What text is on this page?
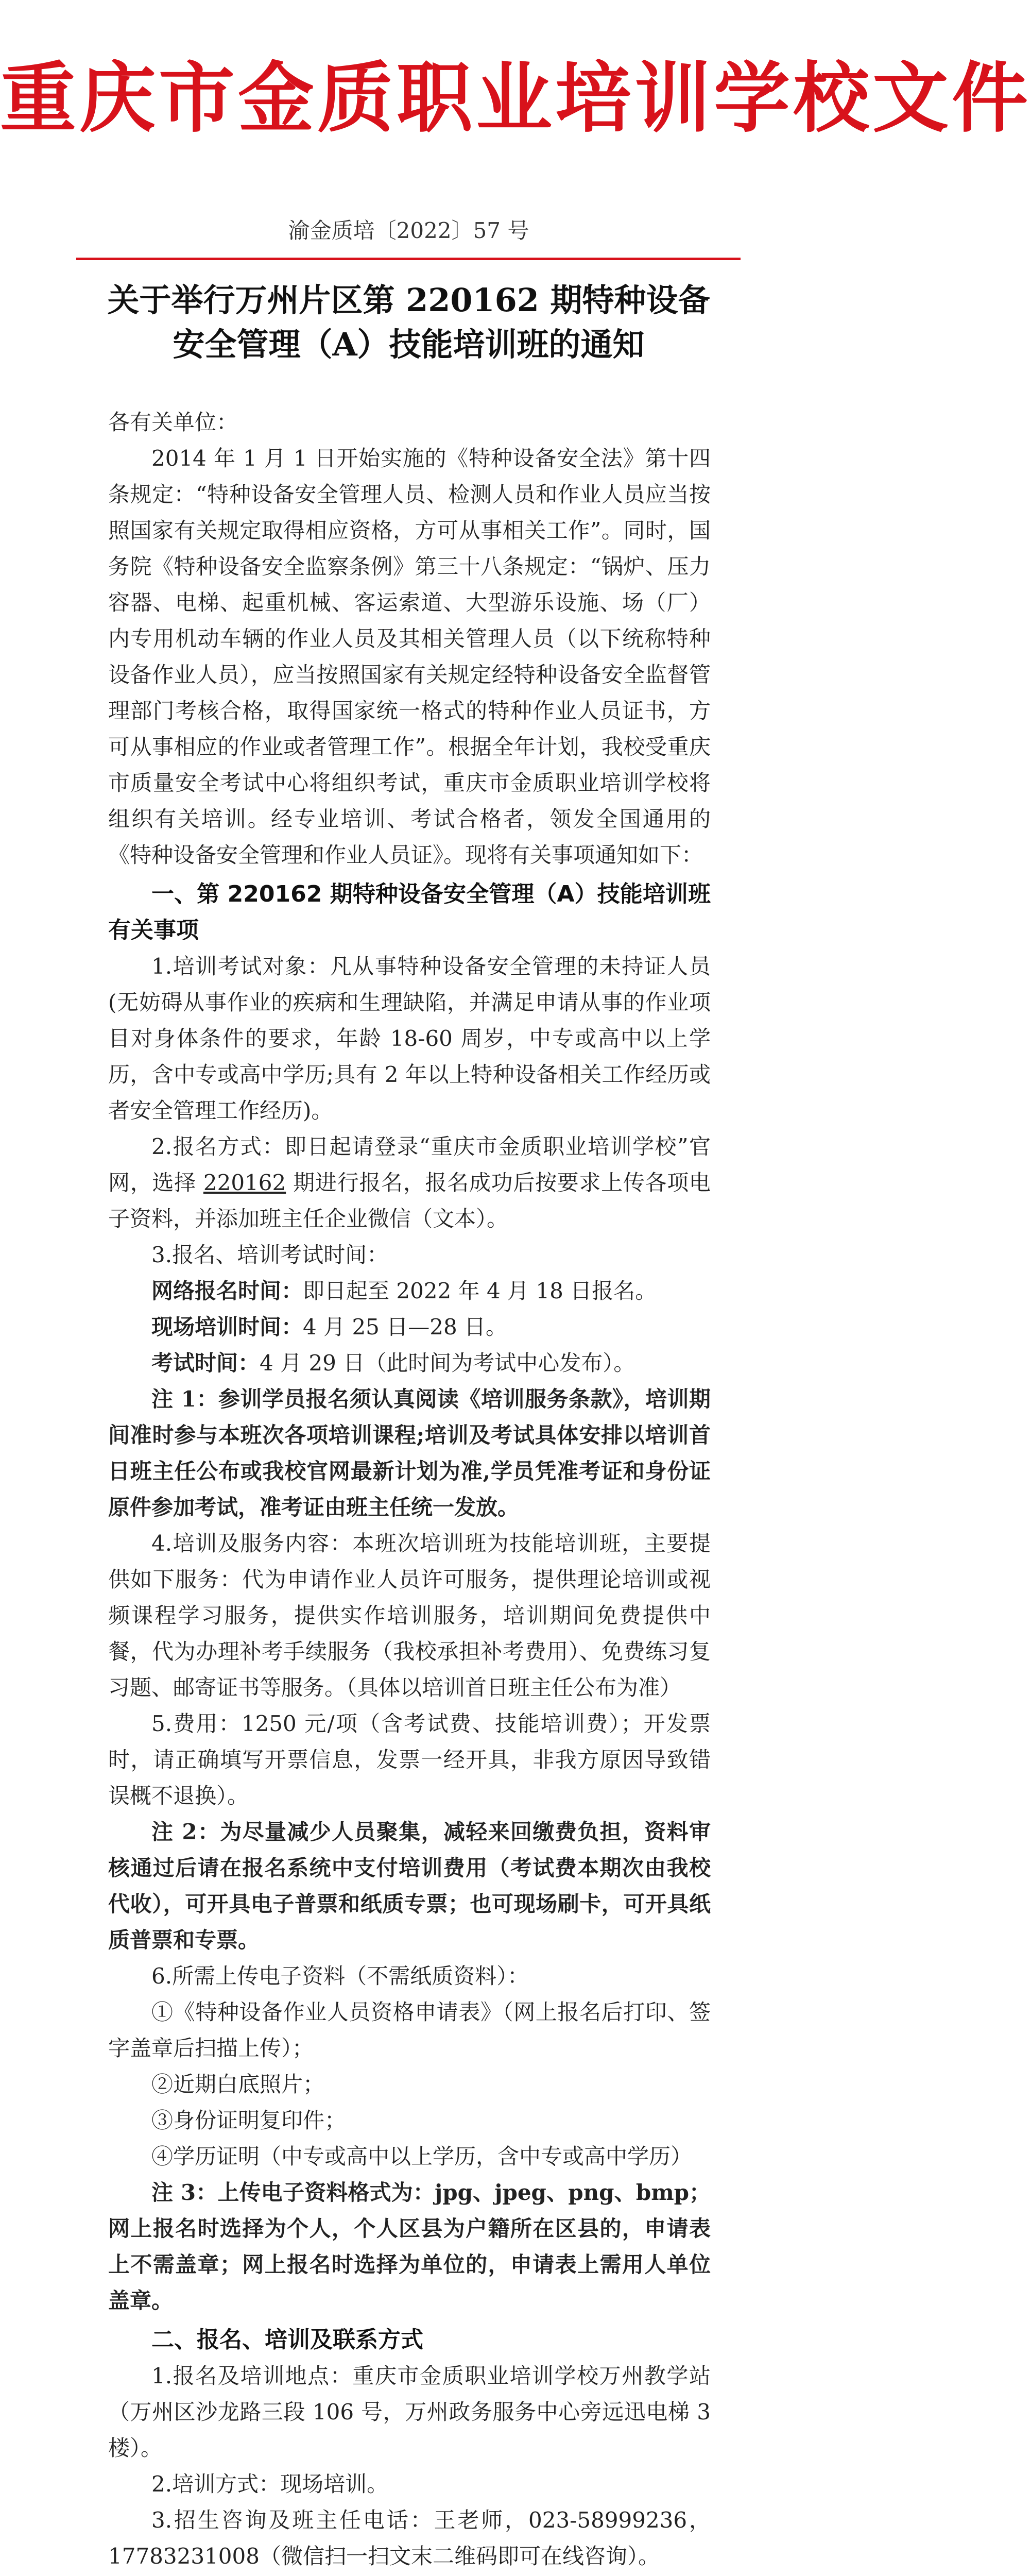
重庆市金质职业培训学校文件
渝金质培〔2022〕57 号
关于举行万州片区第 220162 期特种设备
安全管理（A）技能培训班的通知

各有关单位：

2014 年 1 月 1 日开始实施的《特种设备安全法》第十四条规定：“特种设备安全管理人员、检测人员和作业人员应当按照国家有关规定取得相应资格，方可从事相关工作”。同时，国务院《特种设备安全监察条例》第三十八条规定：“锅炉、压力容器、电梯、起重机械、客运索道、大型游乐设施、场（厂）内专用机动车辆的作业人员及其相关管理人员（以下统称特种设备作业人员），应当按照国家有关规定经特种设备安全监督管理部门考核合格，取得国家统一格式的特种作业人员证书，方可从事相应的作业或者管理工作”。根据全年计划，我校受重庆市质量安全考试中心将组织考试，重庆市金质职业培训学校将组织有关培训。经专业培训、考试合格者，领发全国通用的《特种设备安全管理和作业人员证》。现将有关事项通知如下：

一、第 220162 期特种设备安全管理（A）技能培训班有关事项

1.培训考试对象：凡从事特种设备安全管理的未持证人员(无妨碍从事作业的疾病和生理缺陷，并满足申请从事的作业项目对身体条件的要求，年龄 18-60 周岁，中专或高中以上学历，含中专或高中学历;具有 2 年以上特种设备相关工作经历或者安全管理工作经历)。

2.报名方式：即日起请登录“重庆市金质职业培训学校”官网，选择 220162 期进行报名，报名成功后按要求上传各项电子资料，并添加班主任企业微信（文本）。

3.报名、培训考试时间：

网络报名时间：即日起至 2022 年 4 月 18 日报名。

现场培训时间：4 月 25 日—28 日。

考试时间：4 月 29 日（此时间为考试中心发布）。

注 1：参训学员报名须认真阅读《培训服务条款》，培训期间准时参与本班次各项培训课程;培训及考试具体安排以培训首日班主任公布或我校官网最新计划为准,学员凭准考证和身份证原件参加考试，准考证由班主任统一发放。

4.培训及服务内容：本班次培训班为技能培训班，主要提供如下服务：代为申请作业人员许可服务，提供理论培训或视频课程学习服务，提供实作培训服务，培训期间免费提供中餐，代为办理补考手续服务（我校承担补考费用）、免费练习复习题、邮寄证书等服务。（具体以培训首日班主任公布为准）

5.费用：1250 元/项（含考试费、技能培训费）；开发票时，请正确填写开票信息，发票一经开具，非我方原因导致错误概不退换）。

注 2：为尽量减少人员聚集，减轻来回缴费负担，资料审核通过后请在报名系统中支付培训费用（考试费本期次由我校代收），可开具电子普票和纸质专票；也可现场刷卡，可开具纸质普票和专票。

6.所需上传电子资料（不需纸质资料）：

①《特种设备作业人员资格申请表》（网上报名后打印、签字盖章后扫描上传）；

②近期白底照片；

③身份证明复印件；

④学历证明（中专或高中以上学历，含中专或高中学历）

注 3：上传电子资料格式为：jpg、jpeg、png、bmp；网上报名时选择为个人，个人区县为户籍所在区县的，申请表上不需盖章；网上报名时选择为单位的，申请表上需用人单位盖章。

二、报名、培训及联系方式

1.报名及培训地点：重庆市金质职业培训学校万州教学站（万州区沙龙路三段 106 号，万州政务服务中心旁远迅电梯 3 楼）。

2.培训方式：现场培训。

3.招生咨询及班主任电话：王老师，023-58999236，17783231008（微信扫一扫文末二维码即可在线咨询）。
